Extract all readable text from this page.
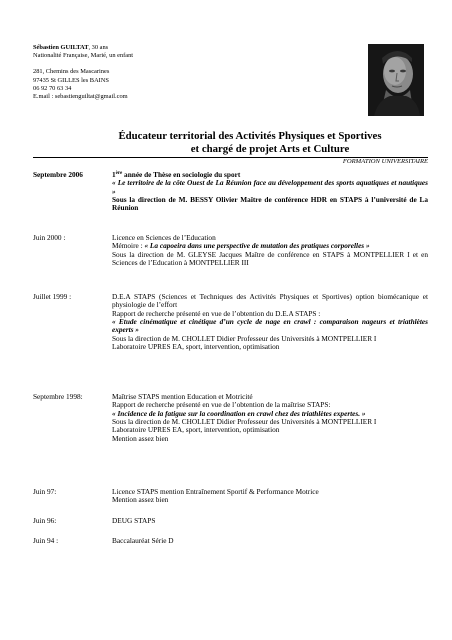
Sébastien GUILTAT, 30 ans
Nationalité Française, Marié, un enfant
281, Chemins des Mascarines
97435 St GILLES les BAINS
06 92 70 63 34
E.mail : sebastienguiltat@gmail.com
Éducateur territorial des Activités Physiques et Sportives
et chargé de projet Arts et Culture
FORMATION UNIVERSITAIRE
Septembre 2006	1ère année de Thèse en sociologie du sport
« Le territoire de la côte Ouest de La Réunion face au développement des sports aquatiques et nautiques »
Sous la direction de M. BESSY Olivier Maître de conférence HDR en STAPS à l’université de La Réunion
Juin 2000 :	Licence en Sciences de l’Education
Mémoire : « La capoeira dans une perspective de mutation des pratiques corporelles »
Sous la direction de M. GLEYSE Jacques Maître de conférence en STAPS à MONTPELLIER I et en Sciences de l’Education à MONTPELLIER III
Juillet 1999 :	D.E.A STAPS (Sciences et Techniques des Activités Physiques et Sportives) option biomécanique et physiologie de l’effort
Rapport de recherche présenté en vue de l’obtention du D.E.A STAPS :
« Etude cinématique et cinétique d’un cycle de nage en crawl : comparaison nageurs et triathlètes experts »
Sous la direction de M. CHOLLET Didier Professeur des Universités à MONTPELLIER I
Laboratoire UPRES EA, sport, intervention, optimisation
Septembre 1998:	Maîtrise STAPS mention Education et Motricité
Rapport de recherche présenté en vue de l’obtention de la maîtrise STAPS:
« Incidence de la fatigue sur la coordination en crawl chez des triathlètes expertes. »
Sous la direction de M. CHOLLET Didier Professeur des Universités à MONTPELLIER I
Laboratoire UPRES EA, sport, intervention, optimisation
Mention assez bien
Juin 97:	Licence STAPS mention Entraînement Sportif & Performance Motrice
Mention assez bien
Juin 96:	DEUG STAPS
Juin 94 :	Baccalauréat Série D
